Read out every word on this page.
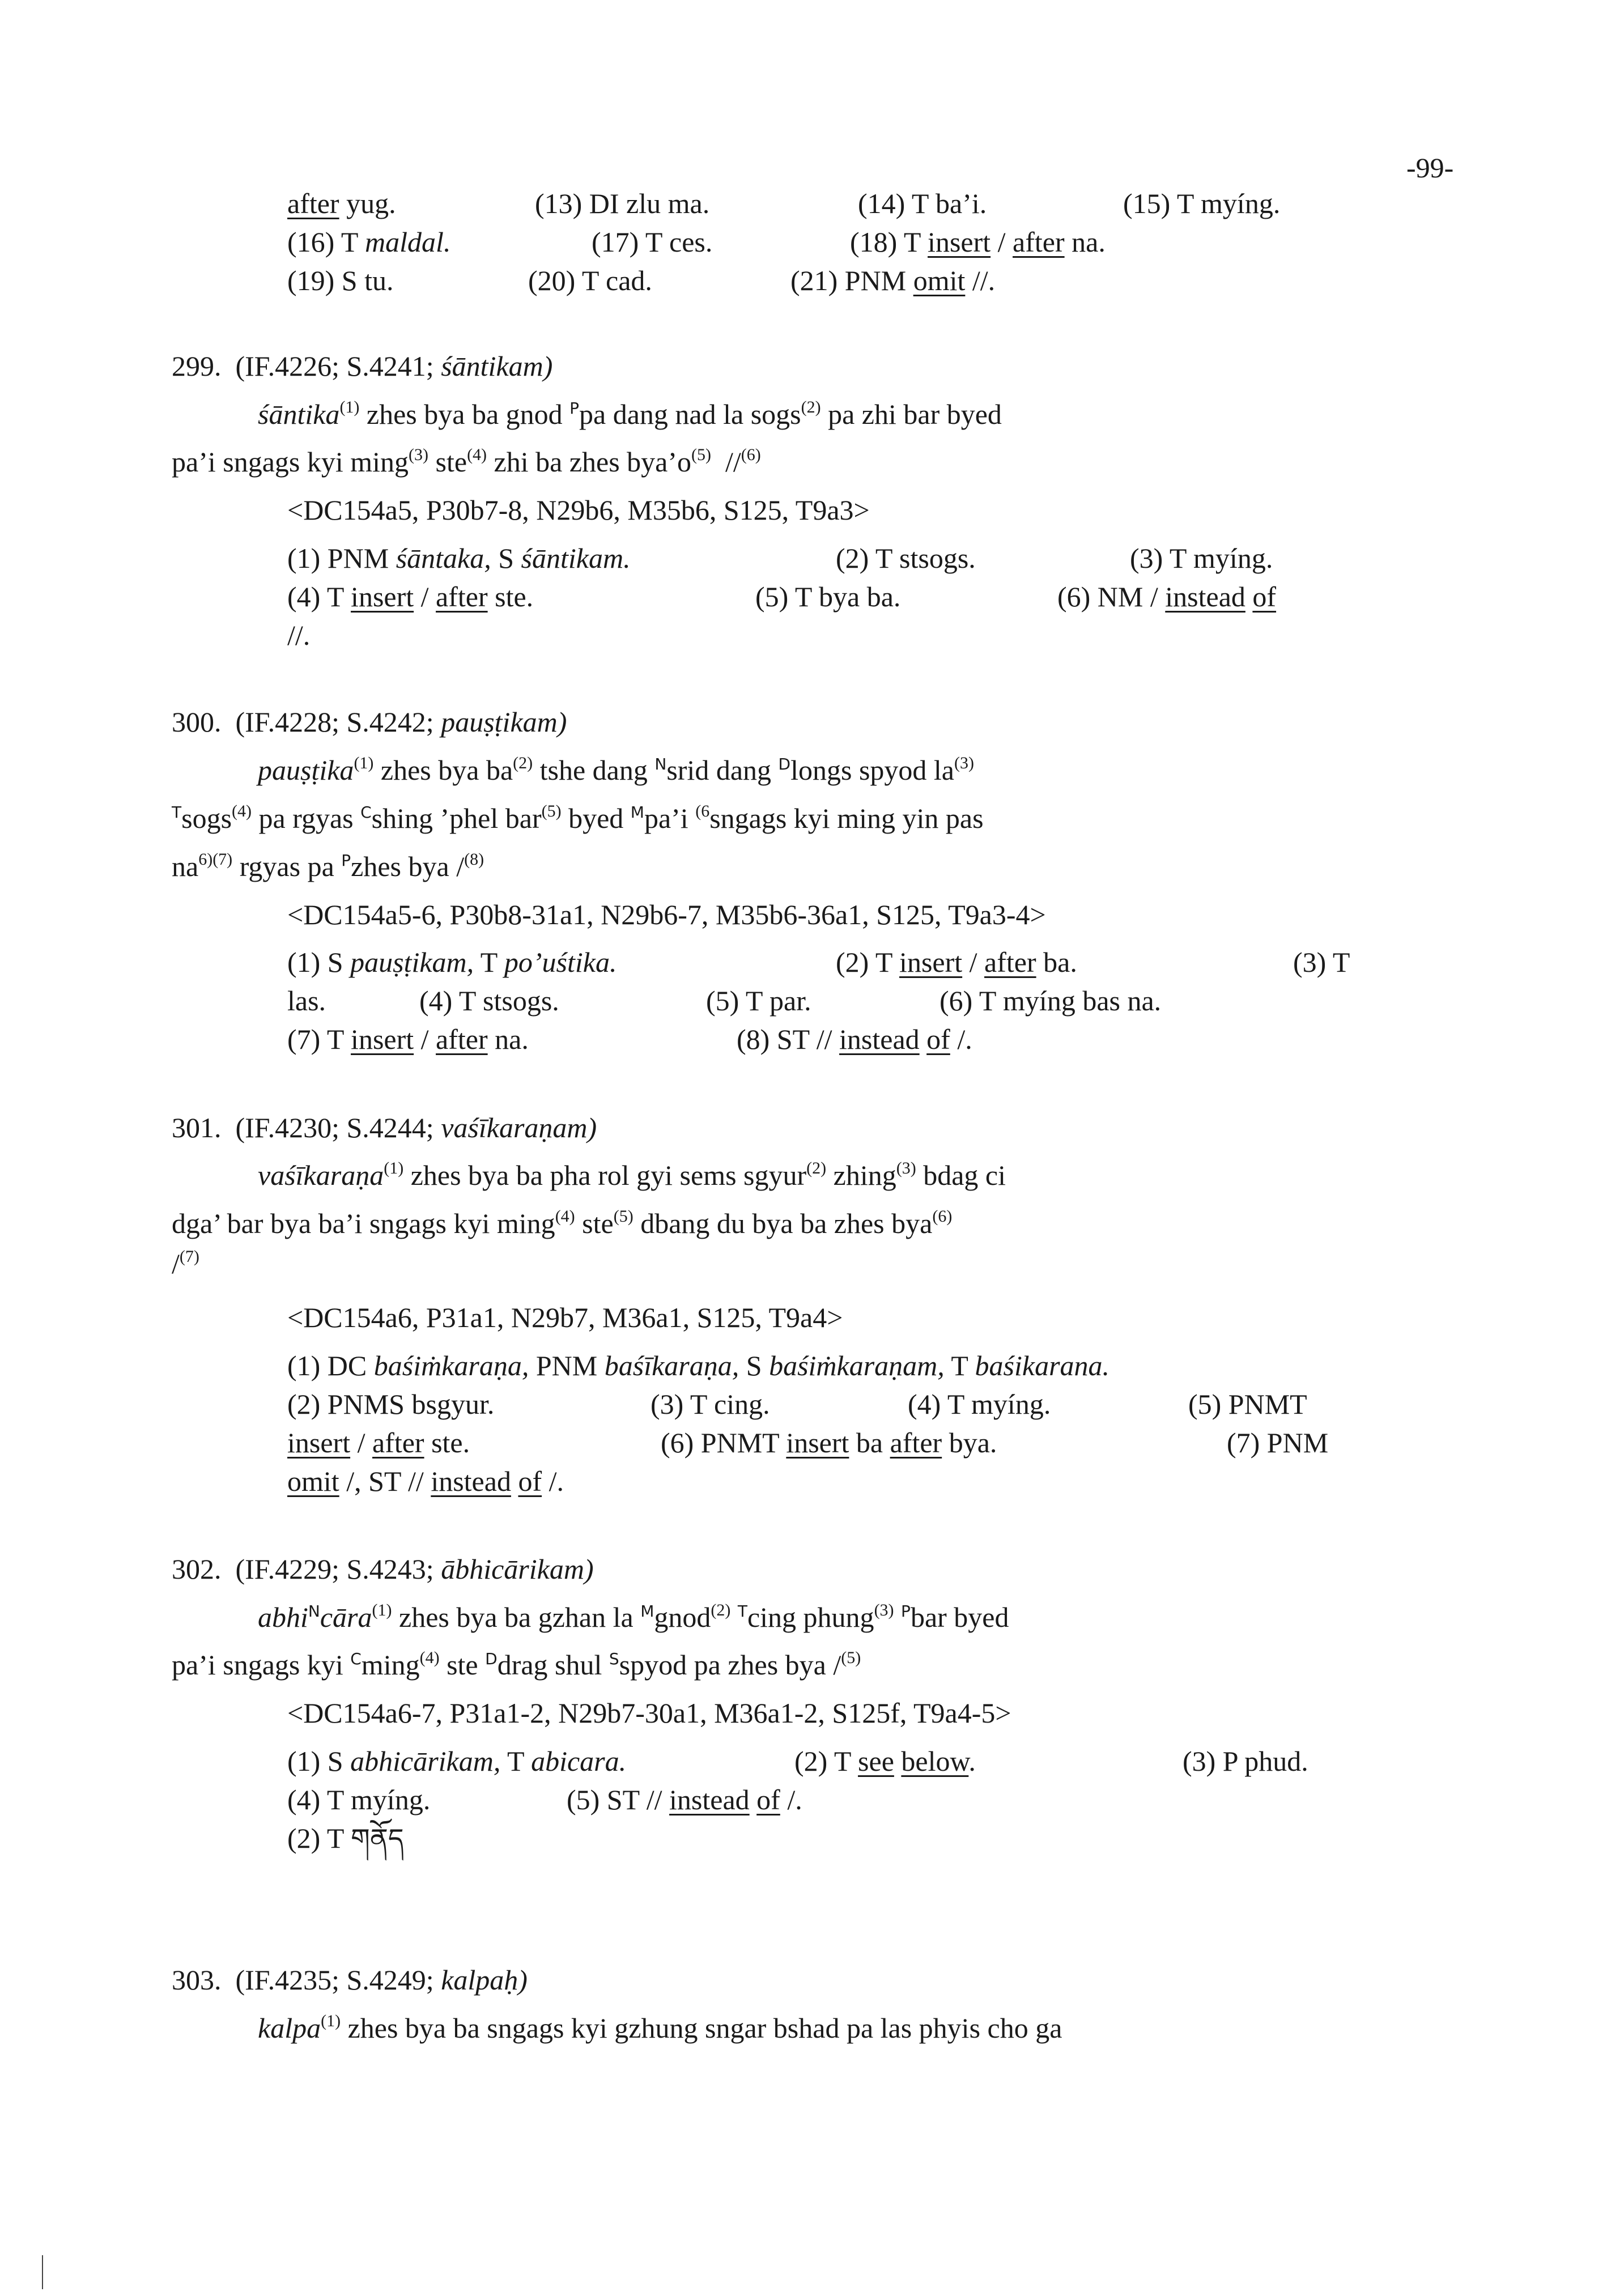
-99-
after yug.	(13) DI zlu ma.	(14) T ba’i.	(15) T myíng.
(16) T maldal.	(17) T ces.	(18) T insert / after na.
(19) S tu.	(20) T cad.	(21) PNM omit //.
299.  (IF.4226; S.4241; śāntikam)
śāntika$^{(1)}$ zhes bya ba gnod $^P$pa dang nad la sogs$^{(2)}$ pa zhi bar byed
pa’i sngags kyi ming$^{(3)}$ ste$^{(4)}$ zhi ba zhes $bya’o^{(5)}$  //$^{(6)}$
<DC154a5, P30b7-8, N29b6, M35b6, S125, T9a3>
(1) PNM śāntaka, S śāntikam.	(2) T stsogs.	(3) T myíng.
(4) T insert / after ste.	(5) T bya ba.	(6) NM / instead of
//.
300.  (IF.4228; S.4242; pauṣṭikam)
pauṣṭika$^{(1)}$ zhes bya $ba^{(2)}$ tshe dang $^N$srid dang $^D$longs spyod $la^{(3)}$
$^T$sogs$^{(4)}$ pa rgyas $^C$shing ’phel bar$^{(5)}$ byed $^M$pa’i $^{(6}$sngags kyi ming yin pas
$na^{6)(7)}$ rgyas pa $^P$zhes bya /$^{(8)}$
<DC154a5-6, P30b8-31a1, N29b6-7, M35b6-36a1, S125, T9a3-4>
(1) S pauṣṭikam, T po’uśtika.	(2) T insert / after ba.	(3) T
las.	(4) T stsogs.	(5) T par.	(6) T myíng bas na.
(7) T insert / after na.	(8) ST // instead of /.
301.  (IF.4230; S.4244; vaśīkaraṇam)
vaśīkaraṇa$^{(1)}$ zhes bya ba pha rol gyi sems sgyur$^{(2)}$ zhing$^{(3)}$ bdag ci
dga’ bar bya ba’i sngags kyi ming$^{(4)}$ ste$^{(5)}$ dbang du bya ba zhes bya$^{(6)}$
/$^{(7)}$
<DC154a6, P31a1, N29b7, M36a1, S125, T9a4>
(1) DC baśiṁkaraṇa, PNM baśīkaraṇa, S baśiṁkaraṇam, T baśikarana.
(2) PNMS bsgyur.	(3) T cing.	(4) T myíng.	(5) PNMT
insert / after ste.	(6) PNMT insert ba after bya.	(7) PNM
omit /, ST // instead of /.
302.  (IF.4229; S.4243; ābhicārikam)
abhi$^N$cāra$^{(1)}$ zhes bya ba gzhan la $^M$gnod$^{(2)}$ $^T$cing phung$^{(3)}$ $^P$bar byed
pa’i sngags kyi $^C$ming$^{(4)}$ ste $^D$drag shul $^S$spyod pa zhes bya /$^{(5)}$
<DC154a6-7, P31a1-2, N29b7-30a1, M36a1-2, S125f, T9a4-5>
(1) S abhicārikam, T abicara.	(2) T see below.	(3) P phud.
(4) T myíng.	(5) ST // instead of /.
(2) T གནོད
303.  (IF.4235; S.4249; kalpaḥ)
kalpa$^{(1)}$ zhes bya ba sngags kyi gzhung sngar bshad pa las phyis cho ga
